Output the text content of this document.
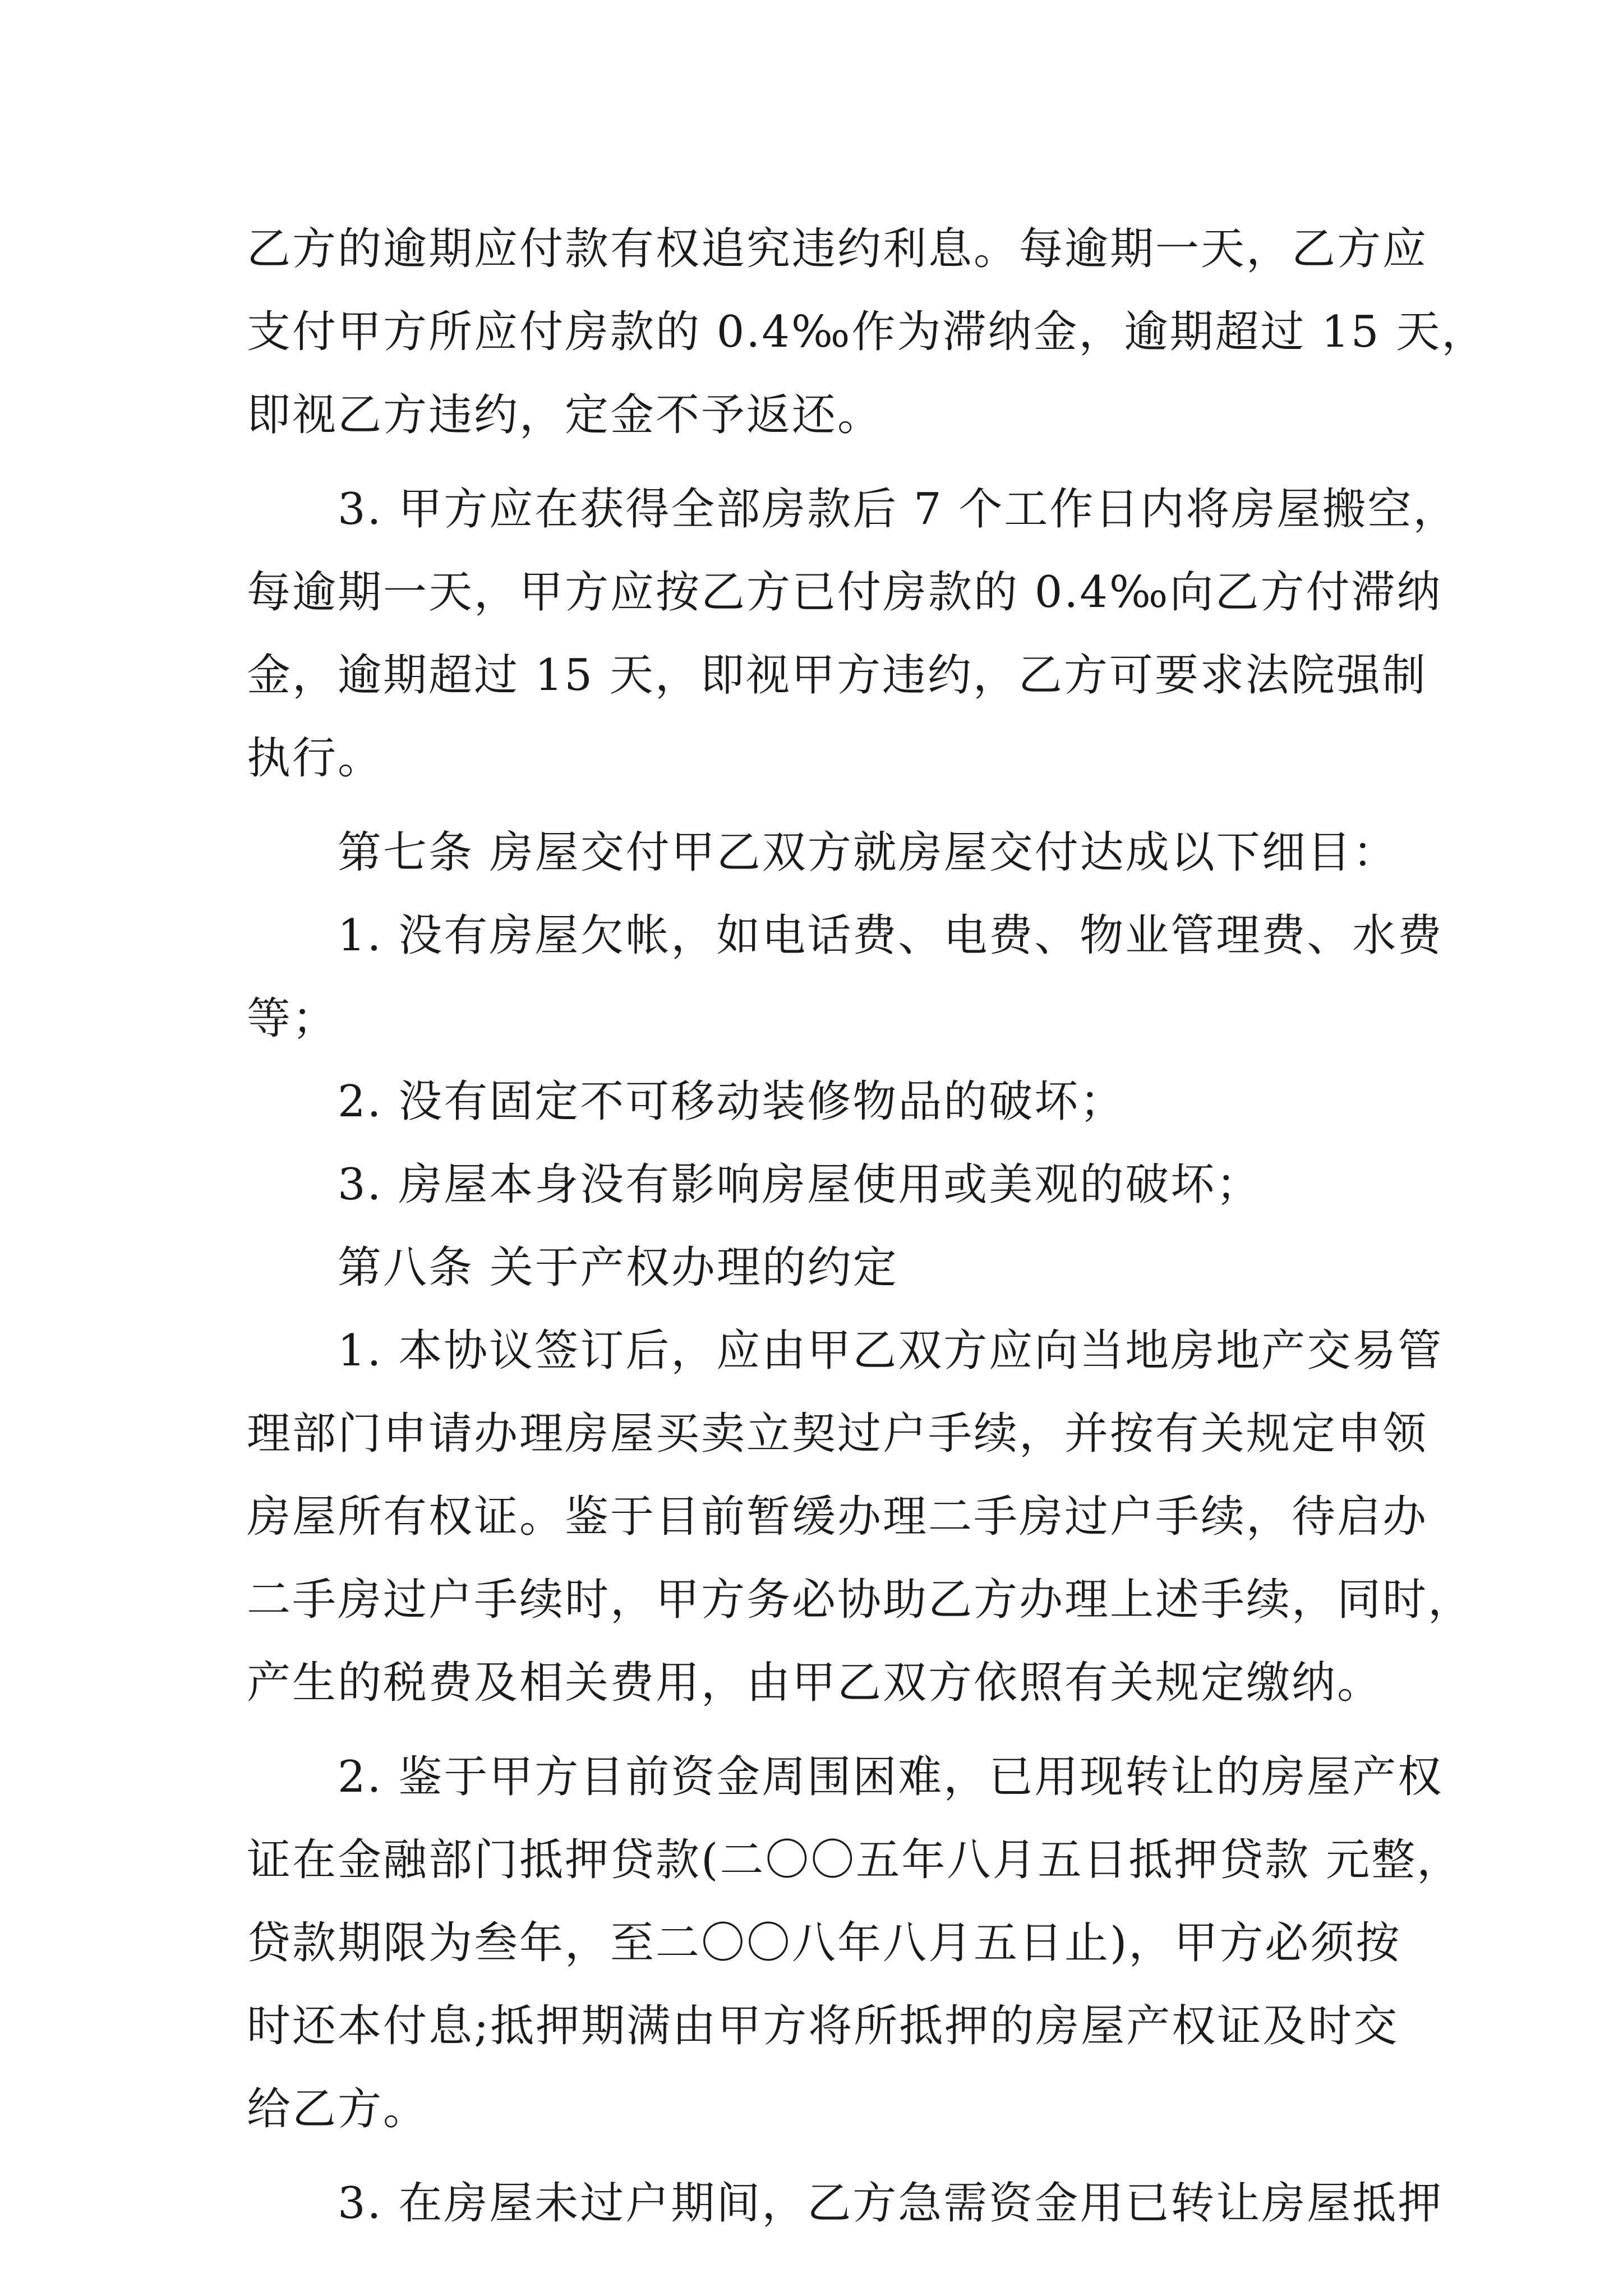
乙方的逾期应付款有权追究违约利息。每逾期一天，乙方应
支付甲方所应付房款的 0.4‰作为滞纳金，逾期超过 15 天，
即视乙方违约，定金不予返还。
3. 甲方应在获得全部房款后 7 个工作日内将房屋搬空，
每逾期一天，甲方应按乙方已付房款的 0.4‰向乙方付滞纳
金，逾期超过 15 天，即视甲方违约，乙方可要求法院强制
执行。
第七条 房屋交付甲乙双方就房屋交付达成以下细目：
1. 没有房屋欠帐，如电话费、电费、物业管理费、水费
等；
2. 没有固定不可移动装修物品的破坏；
3. 房屋本身没有影响房屋使用或美观的破坏；
第八条 关于产权办理的约定
1. 本协议签订后，应由甲乙双方应向当地房地产交易管
理部门申请办理房屋买卖立契过户手续，并按有关规定申领
房屋所有权证。鉴于目前暂缓办理二手房过户手续，待启办
二手房过户手续时，甲方务必协助乙方办理上述手续，同时，
产生的税费及相关费用，由甲乙双方依照有关规定缴纳。
2. 鉴于甲方目前资金周围困难，已用现转让的房屋产权
证在金融部门抵押贷款(二〇〇五年八月五日抵押贷款 元整，
贷款期限为叁年，至二〇〇八年八月五日止)，甲方必须按
时还本付息;抵押期满由甲方将所抵押的房屋产权证及时交
给乙方。
3. 在房屋未过户期间，乙方急需资金用已转让房屋抵押
